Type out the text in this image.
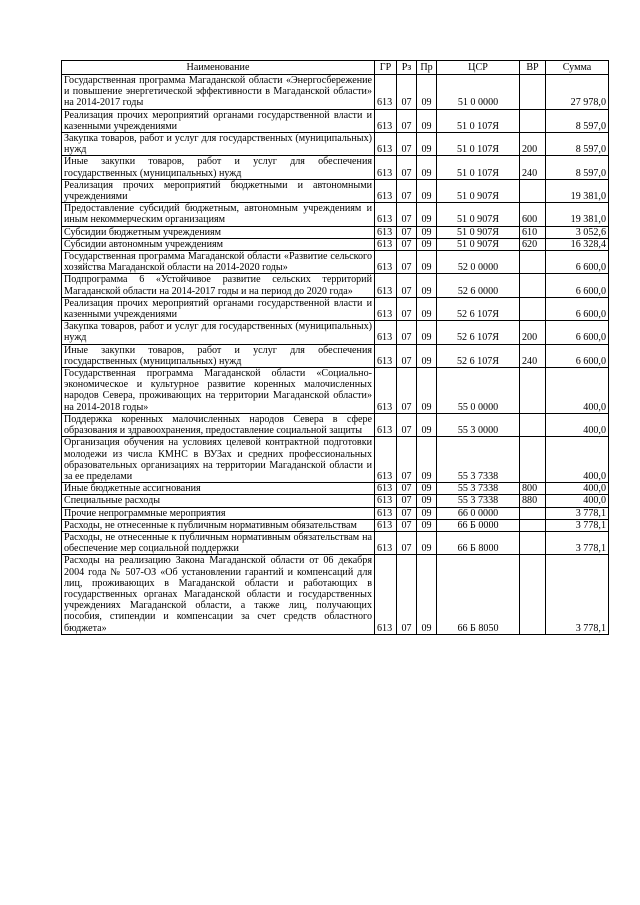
Наименование	ГР	Рз	Пр	ЦСР	ВР	Сумма
Государственная программа Магаданской области «Энергосбережение и повышение энергетической эффективности в Магаданской области» на 2014-2017 годы	613	07	09	51 0 0000		27 978,0
Реализация прочих мероприятий органами государственной власти и казенными учреждениями	613	07	09	51 0 107Я		8 597,0
Закупка товаров, работ и услуг для государственных (муниципальных) нужд	613	07	09	51 0 107Я	200	8 597,0
Иные закупки товаров, работ и услуг для обеспечения государственных (муниципальных) нужд	613	07	09	51 0 107Я	240	8 597,0
Реализация прочих мероприятий бюджетными и автономными учреждениями	613	07	09	51 0 907Я		19 381,0
Предоставление субсидий бюджетным, автономным учреждениям и иным некоммерческим организациям	613	07	09	51 0 907Я	600	19 381,0
Субсидии бюджетным учреждениям	613	07	09	51 0 907Я	610	3 052,6
Субсидии автономным учреждениям	613	07	09	51 0 907Я	620	16 328,4
Государственная программа Магаданской области «Развитие сельского хозяйства Магаданской области на 2014-2020 годы»	613	07	09	52 0 0000		6 600,0
Подпрограмма 6 «Устойчивое развитие сельских территорий Магаданской области на 2014-2017 годы и на период до 2020 года»	613	07	09	52 6 0000		6 600,0
Реализация прочих мероприятий органами государственной власти и казенными учреждениями	613	07	09	52 6 107Я		6 600,0
Закупка товаров, работ и услуг для государственных (муниципальных) нужд	613	07	09	52 6 107Я	200	6 600,0
Иные закупки товаров, работ и услуг для обеспечения государственных (муниципальных) нужд	613	07	09	52 6 107Я	240	6 600,0
Государственная программа Магаданской области «Социально-экономическое и культурное развитие коренных малочисленных народов Севера, проживающих на территории Магаданской области» на 2014-2018 годы»	613	07	09	55 0 0000		400,0
Поддержка коренных малочисленных народов Севера в сфере образования и здравоохранения, предоставление социальной защиты	613	07	09	55 3 0000		400,0
Организация обучения на условиях целевой контрактной подготовки молодежи из числа КМНС в ВУЗах и средних профессиональных образовательных организациях на территории Магаданской области и за ее пределами	613	07	09	55 3 7338		400,0
Иные бюджетные ассигнования	613	07	09	55 3 7338	800	400,0
Специальные расходы	613	07	09	55 3 7338	880	400,0
Прочие непрограммные мероприятия	613	07	09	66 0 0000		3 778,1
Расходы, не отнесенные к публичным нормативным обязательствам	613	07	09	66 Б 0000		3 778,1
Расходы, не отнесенные к публичным нормативным обязательствам на обеспечение мер социальной поддержки	613	07	09	66 Б 8000		3 778,1
Расходы на реализацию Закона Магаданской области от 06 декабря 2004 года № 507-ОЗ «Об установлении гарантий и компенсаций для лиц, проживающих в Магаданской области и работающих в государственных органах Магаданской области и государственных учреждениях Магаданской области, а также лиц, получающих пособия, стипендии и компенсации за счет средств областного бюджета»	613	07	09	66 Б 8050		3 778,1
